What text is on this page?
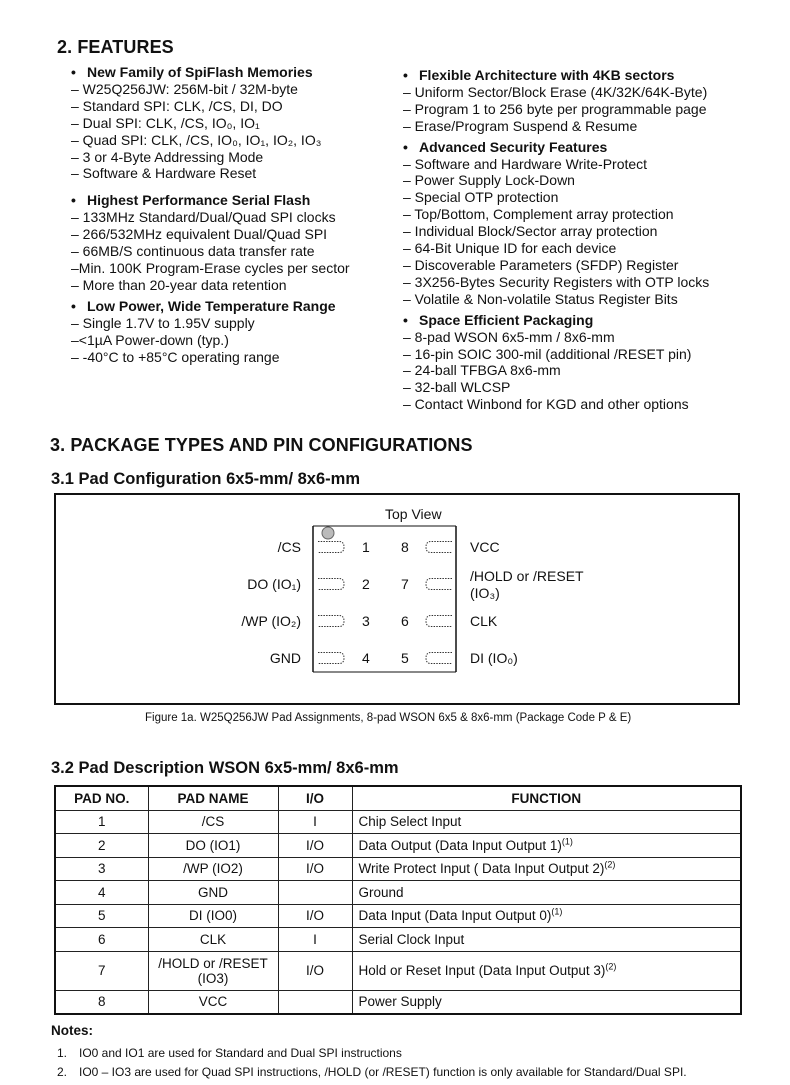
2. FEATURES
• New Family of SpiFlash Memories
– W25Q256JW: 256M-bit / 32M-byte
– Standard SPI: CLK, /CS, DI, DO
– Dual SPI: CLK, /CS, IO₀, IO₁
– Quad SPI: CLK, /CS, IO₀, IO₁, IO₂, IO₃
– 3 or 4-Byte Addressing Mode
– Software & Hardware Reset
• Highest Performance Serial Flash
– 133MHz Standard/Dual/Quad SPI clocks
– 266/532MHz equivalent Dual/Quad SPI
– 66MB/S continuous data transfer rate
–Min. 100K Program-Erase cycles per sector
– More than 20-year data retention
• Low Power, Wide Temperature Range
– Single 1.7V to 1.95V supply
–<1µA Power-down (typ.)
– -40°C to +85°C operating range
• Flexible Architecture with 4KB sectors
– Uniform Sector/Block Erase (4K/32K/64K-Byte)
– Program 1 to 256 byte per programmable page
– Erase/Program Suspend & Resume
• Advanced Security Features
– Software and Hardware Write-Protect
– Power Supply Lock-Down
– Special OTP protection
– Top/Bottom, Complement array protection
– Individual Block/Sector array protection
– 64-Bit Unique ID for each device
– Discoverable Parameters (SFDP) Register
– 3X256-Bytes Security Registers with OTP locks
– Volatile & Non-volatile Status Register Bits
• Space Efficient Packaging
– 8-pad WSON 6x5-mm / 8x6-mm
– 16-pin SOIC 300-mil (additional /RESET pin)
– 24-ball TFBGA 8x6-mm
– 32-ball WLCSP
– Contact Winbond for KGD and other options
3. PACKAGE TYPES AND PIN CONFIGURATIONS
3.1 Pad Configuration 6x5-mm/ 8x6-mm
Top View
1
/CS
2
DO (IO₁)
3
/WP (IO₂)
4
GND
8	VCC
7	/HOLD or /RESET
(IO₃)
6	CLK
5	DI (IO₀)
Figure 1a. W25Q256JW Pad Assignments, 8-pad WSON 6x5 & 8x6-mm (Package Code P & E)
3.2 Pad Description WSON 6x5-mm/ 8x6-mm
PAD NO.	PAD NAME	I/O	FUNCTION
1	/CS	I	Chip Select Input
2	DO (IO1)	I/O	Data Output (Data Input Output 1)$^{(1)}$
3	/WP (IO2)	I/O	Write Protect Input ( Data Input Output 2)$^{(2)}$
4	GND		Ground
5	DI (IO0)	I/O	Data Input (Data Input Output 0)$^{(1)}$
6	CLK	I	Serial Clock Input
7	/HOLD or /RESET
(IO3)	I/O	Hold or Reset Input (Data Input Output 3)$^{(2)}$
8	VCC		Power Supply
Notes:
1. IO0 and IO1 are used for Standard and Dual SPI instructions
2. IO0 – IO3 are used for Quad SPI instructions, /HOLD (or /RESET) function is only available for Standard/Dual SPI.
